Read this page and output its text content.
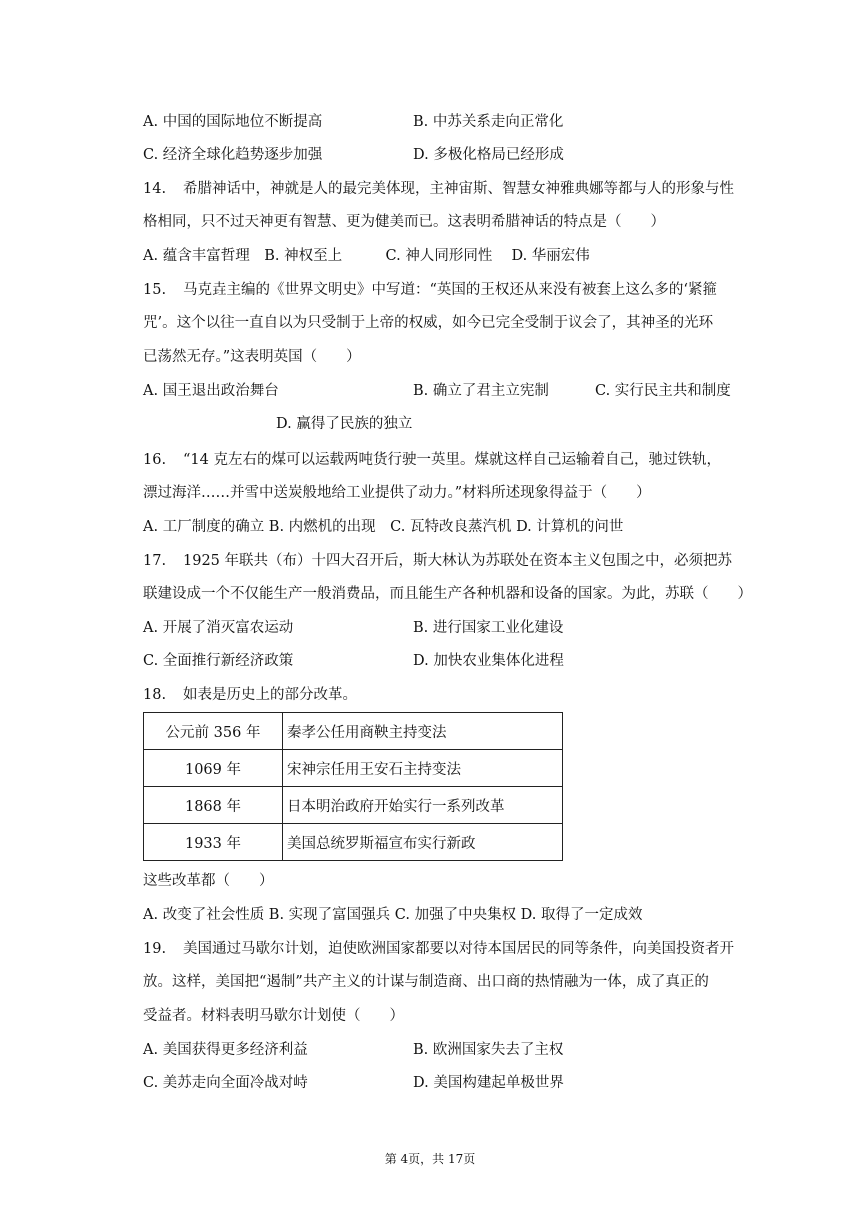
A. 中国的国际地位不断提高	B. 中苏关系走向正常化
C. 经济全球化趋势逐步加强	D. 多极化格局已经形成
14. 希腊神话中，神就是人的最完美体现，主神宙斯、智慧女神雅典娜等都与人的形象与性
格相同，只不过天神更有智慧、更为健美而已。这表明希腊神话的特点是（　　）
A. 蕴含丰富哲理　B. 神权至上　　　C. 神人同形同性　 D. 华丽宏伟
15. 马克垚主编的《世界文明史》中写道：“英国的王权还从来没有被套上这么多的‘紧箍
咒’。这个以往一直自以为只受制于上帝的权威，如今已完全受制于议会了，其神圣的光环
已荡然无存。”这表明英国（　　）
A. 国王退出政治舞台	B. 确立了君主立宪制	C. 实行民主共和制度
D. 赢得了民族的独立
16. “14 克左右的煤可以运载两吨货行驶一英里。煤就这样自己运输着自己，驰过铁轨，
漂过海洋……并雪中送炭般地给工业提供了动力。”材料所述现象得益于（　　）
A. 工厂制度的确立 B. 内燃机的出现　C. 瓦特改良蒸汽机 D. 计算机的问世
17. 1925 年联共（布）十四大召开后，斯大林认为苏联处在资本主义包围之中，必须把苏
联建设成一个不仅能生产一般消费品，而且能生产各种机器和设备的国家。为此，苏联（　　）
A. 开展了消灭富农运动	B. 进行国家工业化建设
C. 全面推行新经济政策	D. 加快农业集体化进程
18. 如表是历史上的部分改革。
公元前 356 年	秦孝公任用商鞅主持变法
1069 年	宋神宗任用王安石主持变法
1868 年	日本明治政府开始实行一系列改革
1933 年	美国总统罗斯福宣布实行新政
这些改革都（　　）
A. 改变了社会性质 B. 实现了富国强兵 C. 加强了中央集权 D. 取得了一定成效
19. 美国通过马歇尔计划，迫使欧洲国家都要以对待本国居民的同等条件，向美国投资者开
放。这样，美国把“遏制”共产主义的计谋与制造商、出口商的热情融为一体，成了真正的
受益者。材料表明马歇尔计划使（　　）
A. 美国获得更多经济利益	B. 欧洲国家失去了主权
C. 美苏走向全面冷战对峙	D. 美国构建起单极世界
第 4页，共 17页
